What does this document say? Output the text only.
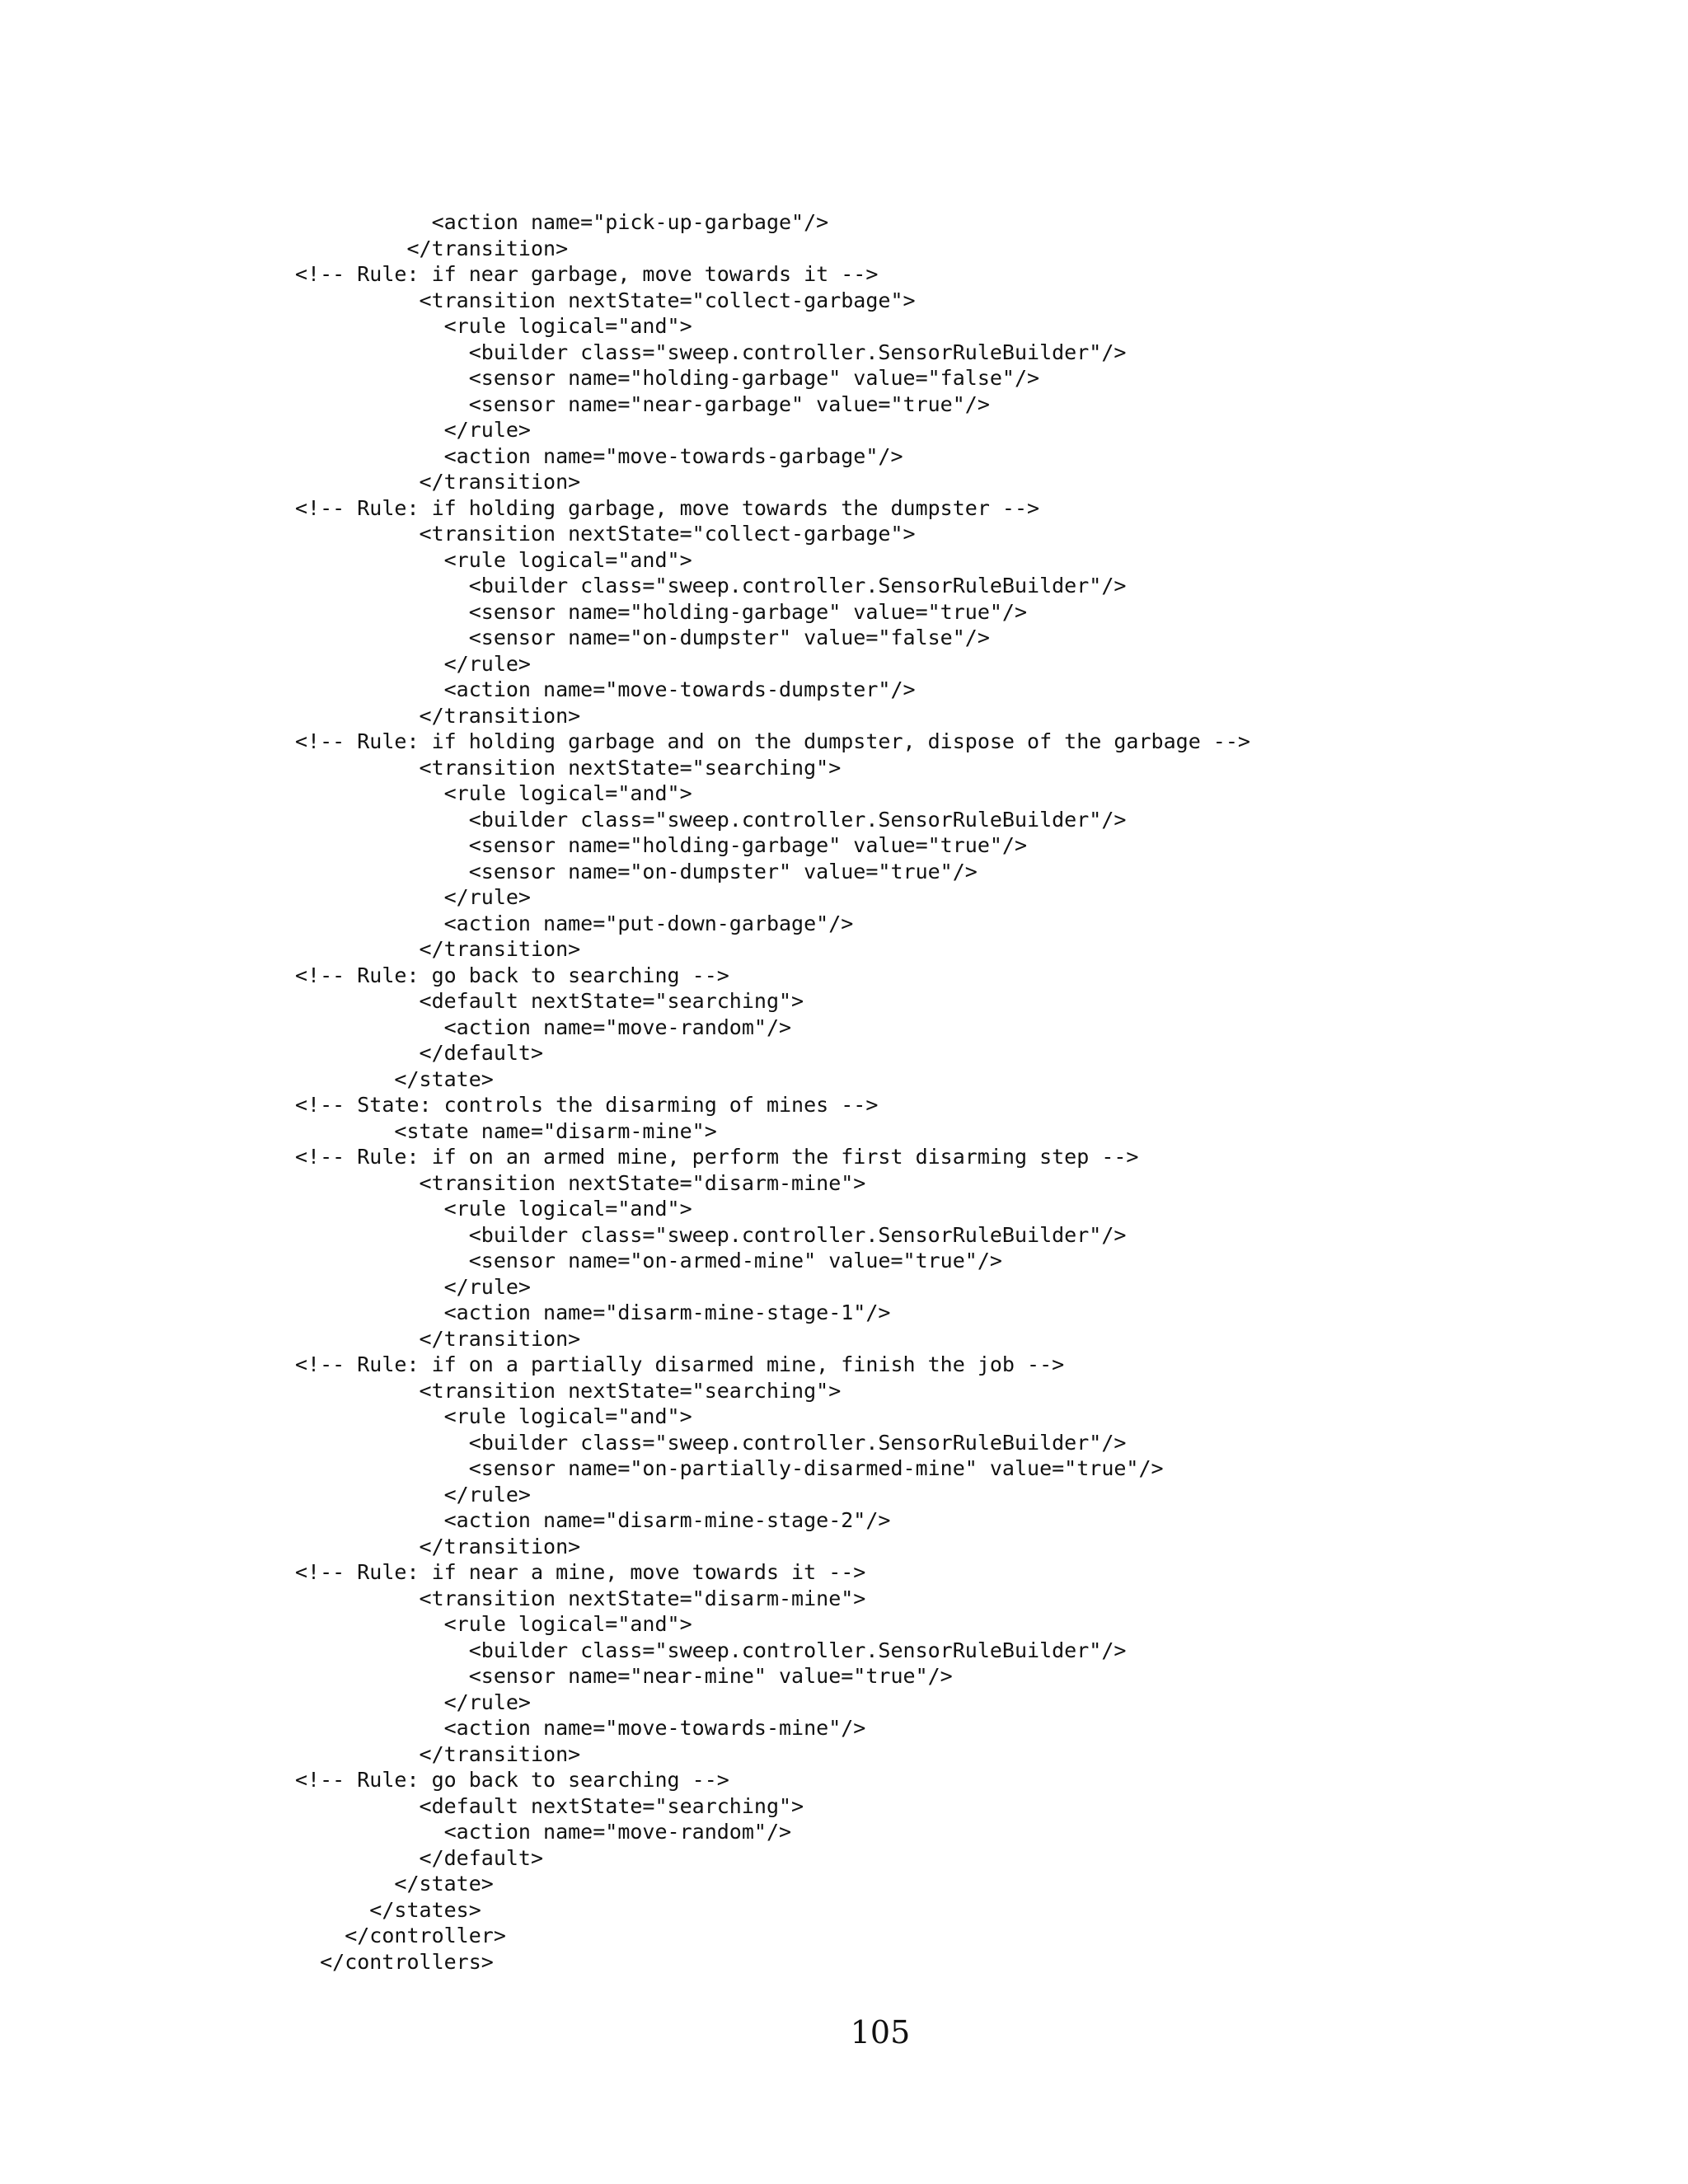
<action name="pick-up-garbage"/>
</transition>
<!-- Rule: if near garbage, move towards it -->
<transition nextState="collect-garbage">
<rule logical="and">
<builder class="sweep.controller.SensorRuleBuilder"/>
<sensor name="holding-garbage" value="false"/>
<sensor name="near-garbage" value="true"/>
</rule>
<action name="move-towards-garbage"/>
</transition>
<!-- Rule: if holding garbage, move towards the dumpster -->
<transition nextState="collect-garbage">
<rule logical="and">
<builder class="sweep.controller.SensorRuleBuilder"/>
<sensor name="holding-garbage" value="true"/>
<sensor name="on-dumpster" value="false"/>
</rule>
<action name="move-towards-dumpster"/>
</transition>
<!-- Rule: if holding garbage and on the dumpster, dispose of the garbage -->
<transition nextState="searching">
<rule logical="and">
<builder class="sweep.controller.SensorRuleBuilder"/>
<sensor name="holding-garbage" value="true"/>
<sensor name="on-dumpster" value="true"/>
</rule>
<action name="put-down-garbage"/>
</transition>
<!-- Rule: go back to searching -->
<default nextState="searching">
<action name="move-random"/>
</default>
</state>
<!-- State: controls the disarming of mines -->
<state name="disarm-mine">
<!-- Rule: if on an armed mine, perform the first disarming step -->
<transition nextState="disarm-mine">
<rule logical="and">
<builder class="sweep.controller.SensorRuleBuilder"/>
<sensor name="on-armed-mine" value="true"/>
</rule>
<action name="disarm-mine-stage-1"/>
</transition>
<!-- Rule: if on a partially disarmed mine, finish the job -->
<transition nextState="searching">
<rule logical="and">
<builder class="sweep.controller.SensorRuleBuilder"/>
<sensor name="on-partially-disarmed-mine" value="true"/>
</rule>
<action name="disarm-mine-stage-2"/>
</transition>
<!-- Rule: if near a mine, move towards it -->
<transition nextState="disarm-mine">
<rule logical="and">
<builder class="sweep.controller.SensorRuleBuilder"/>
<sensor name="near-mine" value="true"/>
</rule>
<action name="move-towards-mine"/>
</transition>
<!-- Rule: go back to searching -->
<default nextState="searching">
<action name="move-random"/>
</default>
</state>
</states>
</controller>
</controllers>
105
